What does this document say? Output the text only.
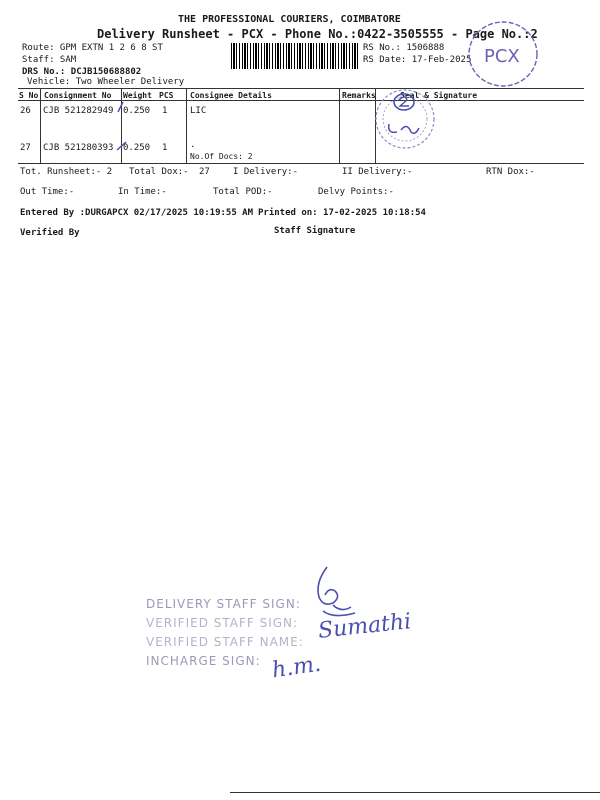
THE PROFESSIONAL COURIERS, COIMBATORE
Delivery Runsheet - PCX - Phone No.:0422-3505555 - Page No.:2
Route: GPM EXTN 1 2 6 8 ST
Staff: SAM
DRS No.: DCJB150688802
Vehicle: Two Wheeler Delivery
RS No.: 1506888
RS Date: 17-Feb-2025 PCX
S No Consignment No Weight PCS Consignee Details	Remarks	Seal & Signature
26 CJB 521282949 0.250 1	LIC
27 CJB 521280393 0.250 1	.
No.Of Docs: 2
Tot. Runsheet:- 2 Total Dox:- 27	I Delivery:-	II Delivery:-	RTN Dox:-
Out Time:-	In Time:-	Total POD:-	Delvy Points:-
Entered By :DURGAPCX 02/17/2025 10:19:55 AM Printed on: 17-02-2025 10:18:54
Verified By	Staff Signature
DELIVERY STAFF SIGN:
VERIFIED STAFF SIGN:
VERIFIED STAFF NAME:
INCHARGE SIGN:
Sumathi
h.m.
